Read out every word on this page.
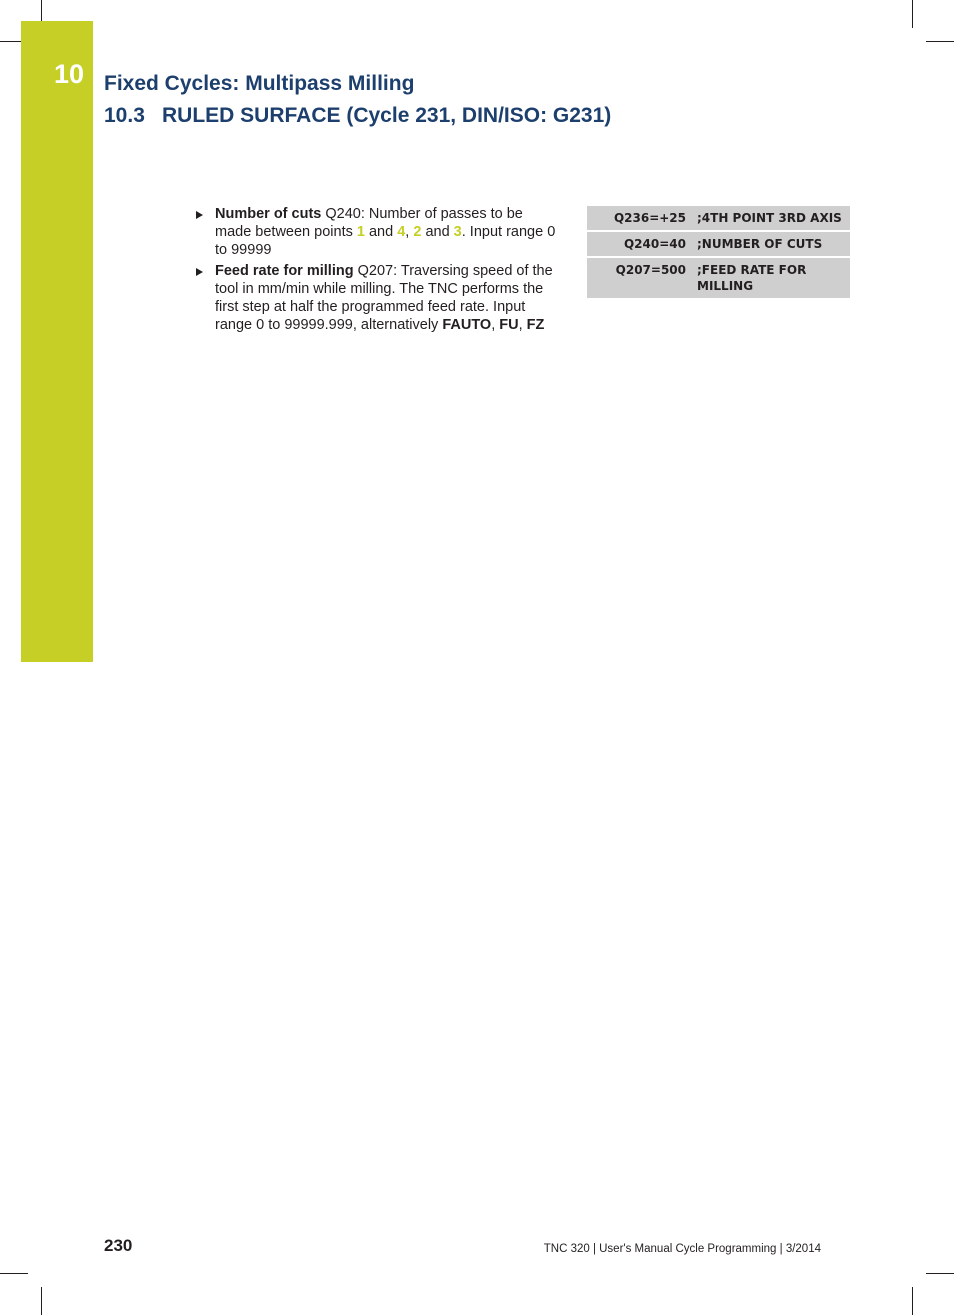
10 Fixed Cycles: Multipass Milling
10.3 RULED SURFACE (Cycle 231, DIN/ISO: G231)
Number of cuts Q240: Number of passes to be made between points 1 and 4, 2 and 3. Input range 0 to 99999
Feed rate for milling Q207: Traversing speed of the tool in mm/min while milling. The TNC performs the first step at half the programmed feed rate. Input range 0 to 99999.999, alternatively FAUTO, FU, FZ
Q236=+25	;4TH POINT 3RD AXIS
Q240=40	;NUMBER OF CUTS
Q207=500	;FEED RATE FOR MILLING
230	TNC 320 | User's Manual Cycle Programming | 3/2014
